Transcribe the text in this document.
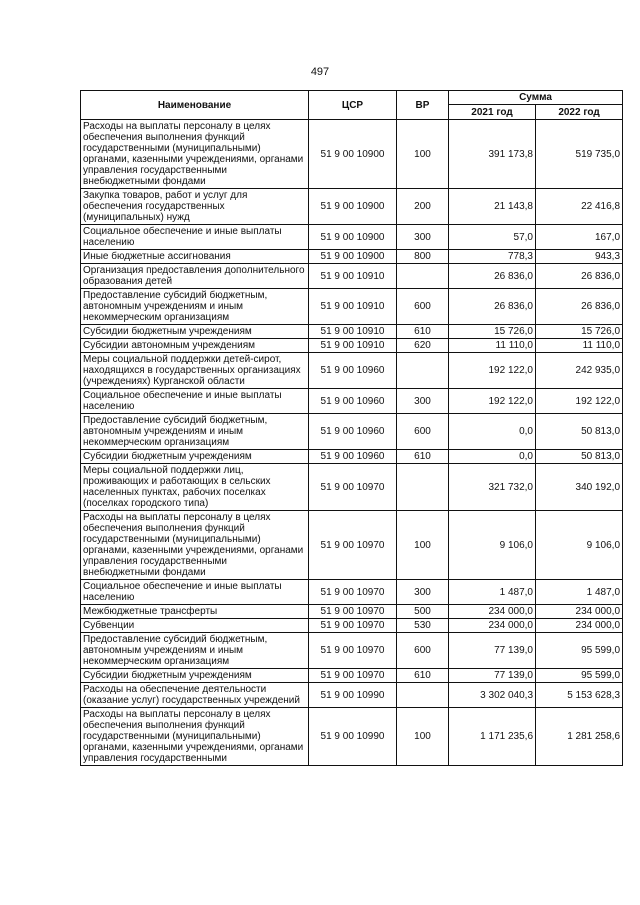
497
Наименование	ЦСР	ВР	Сумма	
			2021 год	2022 год
Расходы на выплаты персоналу в целях обеспечения выполнения функций государственными (муниципальными) органами, казенными учреждениями, органами управления государственными внебюджетными фондами	51 9 00 10900	100	391 173,8	519 735,0
Закупка товаров, работ и услуг для обеспечения государственных (муниципальных) нужд	51 9 00 10900	200	21 143,8	22 416,8
Социальное обеспечение и иные выплаты населению	51 9 00 10900	300	57,0	167,0
Иные бюджетные ассигнования	51 9 00 10900	800	778,3	943,3
Организация предоставления дополнительного образования детей	51 9 00 10910		26 836,0	26 836,0
Предоставление субсидий бюджетным, автономным учреждениям и иным некоммерческим организациям	51 9 00 10910	600	26 836,0	26 836,0
Субсидии бюджетным учреждениям	51 9 00 10910	610	15 726,0	15 726,0
Субсидии автономным учреждениям	51 9 00 10910	620	11 110,0	11 110,0
Меры социальной поддержки детей-сирот, находящихся в государственных организациях (учреждениях) Курганской области	51 9 00 10960		192 122,0	242 935,0
Социальное обеспечение и иные выплаты населению	51 9 00 10960	300	192 122,0	192 122,0
Предоставление субсидий бюджетным, автономным учреждениям и иным некоммерческим организациям	51 9 00 10960	600	0,0	50 813,0
Субсидии бюджетным учреждениям	51 9 00 10960	610	0,0	50 813,0
Меры социальной поддержки лиц, проживающих и работающих в сельских населенных пунктах, рабочих поселках (поселках городского типа)	51 9 00 10970		321 732,0	340 192,0
Расходы на выплаты персоналу в целях обеспечения выполнения функций государственными (муниципальными) органами, казенными учреждениями, органами управления государственными внебюджетными фондами	51 9 00 10970	100	9 106,0	9 106,0
Социальное обеспечение и иные выплаты населению	51 9 00 10970	300	1 487,0	1 487,0
Межбюджетные трансферты	51 9 00 10970	500	234 000,0	234 000,0
Субвенции	51 9 00 10970	530	234 000,0	234 000,0
Предоставление субсидий бюджетным, автономным учреждениям и иным некоммерческим организациям	51 9 00 10970	600	77 139,0	95 599,0
Субсидии бюджетным учреждениям	51 9 00 10970	610	77 139,0	95 599,0
Расходы на обеспечение деятельности (оказание услуг) государственных учреждений	51 9 00 10990		3 302 040,3	5 153 628,3
Расходы на выплаты персоналу в целях обеспечения выполнения функций государственными (муниципальными) органами, казенными учреждениями, органами управления государственными	51 9 00 10990	100	1 171 235,6	1 281 258,6
